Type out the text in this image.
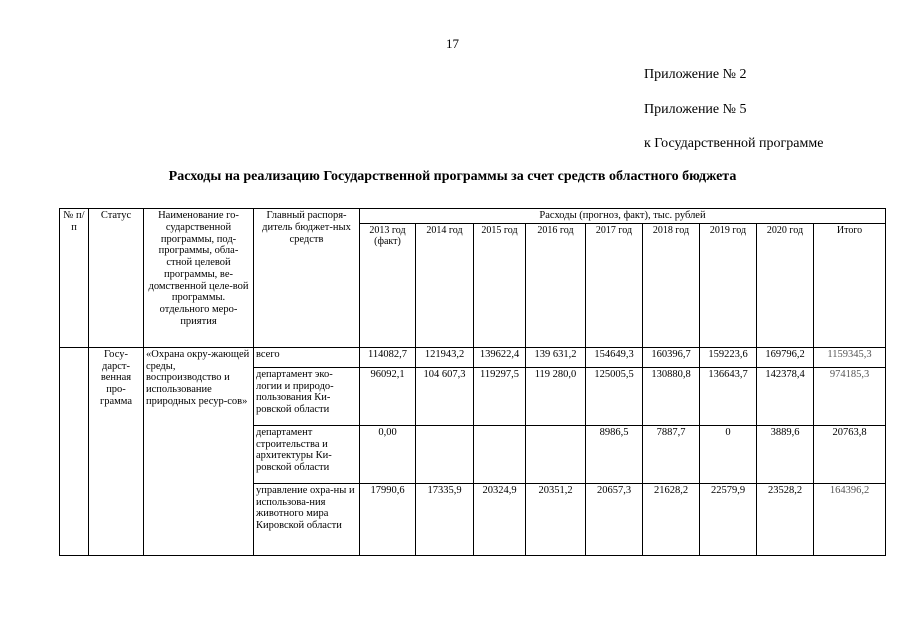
17
Приложение № 2
Приложение № 5
к Государственной программе
Расходы на реализацию Государственной программы за счет средств областного бюджета
№ п/п	Статус	Наименование го-сударственной программы, под-программы, обла-стной целевой программы, ве-домственной целе-вой программы. отдельного меро-приятия	Главный распоря-дитель бюджет-ных средств	Расходы (прогноз, факт), тыс. рублей								
				2013 год (факт)	2014 год	2015 год	2016 год	2017 год	2018 год	2019 год	2020 год	Итого
	Госу-дарст-венная про-грамма	«Охрана окру-жающей среды, воспроизводство и использование природных ресур-сов»	всего	114082,7	121943,2	139622,4	139 631,2	154649,3	160396,7	159223,6	169796,2	1159345,3
			департамент эко-логии и природо-пользования Ки-ровской области	96092,1	104 607,3	119297,5	119 280,0	125005,5	130880,8	136643,7	142378,4	974185,3
			департамент строительства и архитектуры Ки-ровской области	0,00				8986,5	7887,7	0	3889,6	20763,8
			управление охра-ны и использова-ния животного мира Кировской области	17990,6	17335,9	20324,9	20351,2	20657,3	21628,2	22579,9	23528,2	164396,2
